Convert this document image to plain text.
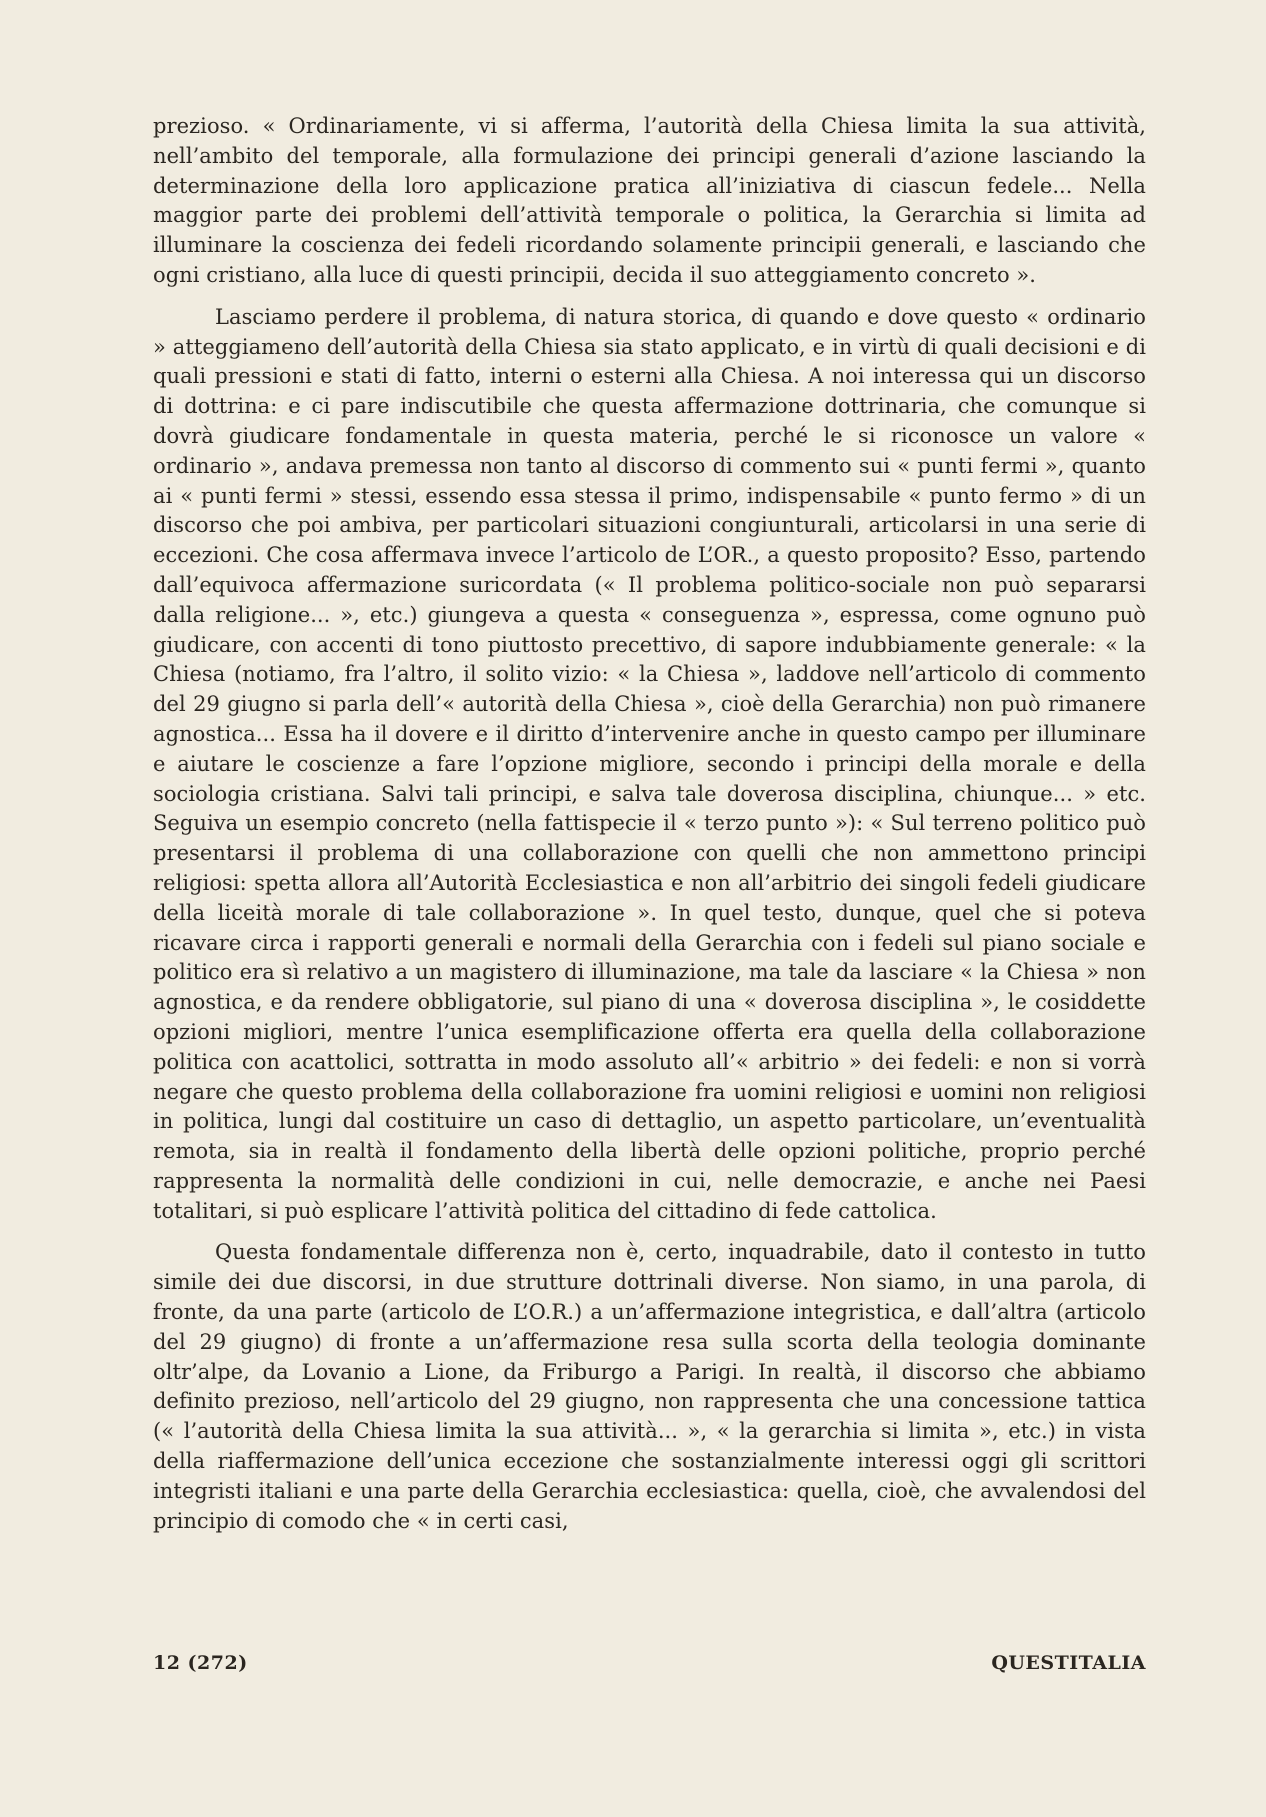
prezioso. « Ordinariamente, vi si afferma, l’autorità della Chiesa limita la sua attività, nell’ambito del temporale, alla formulazione dei principi generali d’azione lasciando la determinazione della loro applicazione pratica all’iniziativa di ciascun fedele... Nella maggior parte dei problemi dell’attività temporale o politica, la Gerarchia si limita ad illuminare la coscienza dei fedeli ricordando solamente principii generali, e lasciando che ogni cristiano, alla luce di questi principii, decida il suo atteggiamento concreto ».

Lasciamo perdere il problema, di natura storica, di quando e dove questo « ordinario » atteggiameno dell’autorità della Chiesa sia stato applicato, e in virtù di quali decisioni e di quali pressioni e stati di fatto, interni o esterni alla Chiesa. A noi interessa qui un discorso di dottrina: e ci pare indiscutibile che questa affermazione dottrinaria, che comunque si dovrà giudicare fondamentale in questa materia, perché le si riconosce un valore « ordinario », andava premessa non tanto al discorso di commento sui « punti fermi », quanto ai « punti fermi » stessi, essendo essa stessa il primo, indispensabile « punto fermo » di un discorso che poi ambiva, per particolari situazioni congiunturali, articolarsi in una serie di eccezioni. Che cosa affermava invece l’articolo de L’OR., a questo proposito? Esso, partendo dall’equivoca affermazione suricordata (« Il problema politico-sociale non può separarsi dalla religione... », etc.) giungeva a questa « conseguenza », espressa, come ognuno può giudicare, con accenti di tono piuttosto precettivo, di sapore indubbiamente generale: « la Chiesa (notiamo, fra l’altro, il solito vizio: « la Chiesa », laddove nell’articolo di commento del 29 giugno si parla dell’« autorità della Chiesa », cioè della Gerarchia) non può rimanere agnostica... Essa ha il dovere e il diritto d’intervenire anche in questo campo per illuminare e aiutare le coscienze a fare l’opzione migliore, secondo i principi della morale e della sociologia cristiana. Salvi tali principi, e salva tale doverosa disciplina, chiunque... » etc. Seguiva un esempio concreto (nella fattispecie il « terzo punto »): « Sul terreno politico può presentarsi il problema di una collaborazione con quelli che non ammettono principi religiosi: spetta allora all’Autorità Ecclesiastica e non all’arbitrio dei singoli fedeli giudicare della liceità morale di tale collaborazione ». In quel testo, dunque, quel che si poteva ricavare circa i rapporti generali e normali della Gerarchia con i fedeli sul piano sociale e politico era sì relativo a un magistero di illuminazione, ma tale da lasciare « la Chiesa » non agnostica, e da rendere obbligatorie, sul piano di una « doverosa disciplina », le cosiddette opzioni migliori, mentre l’unica esemplificazione offerta era quella della collaborazione politica con acattolici, sottratta in modo assoluto all’« arbitrio » dei fedeli: e non si vorrà negare che questo problema della collaborazione fra uomini religiosi e uomini non religiosi in politica, lungi dal costituire un caso di dettaglio, un aspetto particolare, un’eventualità remota, sia in realtà il fondamento della libertà delle opzioni politiche, proprio perché rappresenta la normalità delle condizioni in cui, nelle democrazie, e anche nei Paesi totalitari, si può esplicare l’attività politica del cittadino di fede cattolica.

Questa fondamentale differenza non è, certo, inquadrabile, dato il contesto in tutto simile dei due discorsi, in due strutture dottrinali diverse. Non siamo, in una parola, di fronte, da una parte (articolo de L’O.R.) a un’affermazione integristica, e dall’altra (articolo del 29 giugno) di fronte a un’affermazione resa sulla scorta della teologia dominante oltr’alpe, da Lovanio a Lione, da Friburgo a Parigi. In realtà, il discorso che abbiamo definito prezioso, nell’articolo del 29 giugno, non rappresenta che una concessione tattica (« l’autorità della Chiesa limita la sua attività... », « la gerarchia si limita », etc.) in vista della riaffermazione dell’unica eccezione che sostanzialmente interessi oggi gli scrittori integristi italiani e una parte della Gerarchia ecclesiastica: quella, cioè, che avvalendosi del principio di comodo che « in certi casi,

12 (272)	QUESTITALIA
